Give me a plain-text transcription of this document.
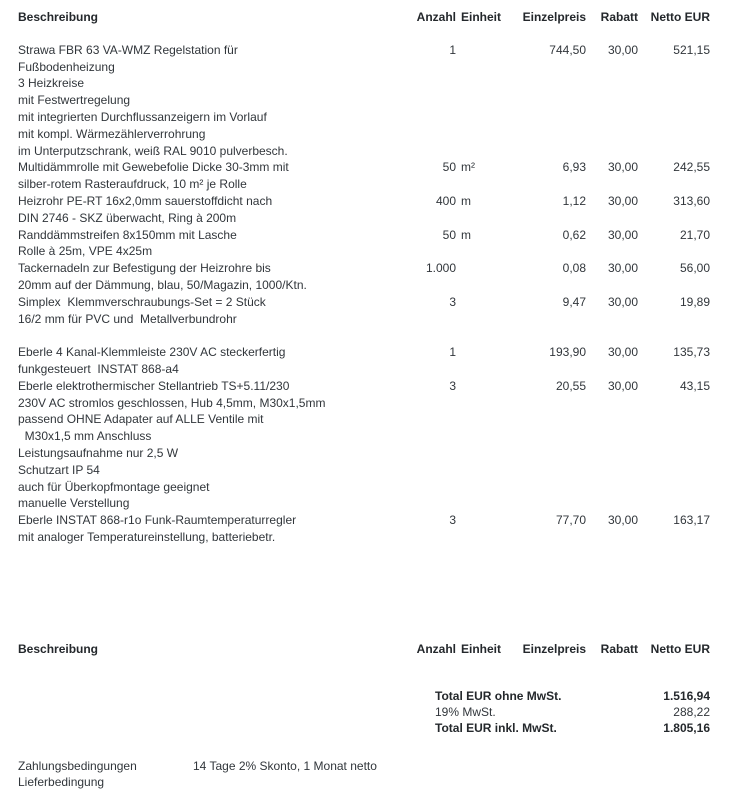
Beschreibung	Anzahl Einheit	Einzelpreis	Rabatt	Netto EUR
Strawa FBR 63 VA-WMZ Regelstation für	1	744,50	30,00	521,15
Fußbodenheizung
3 Heizkreise
mit Festwertregelung
mit integrierten Durchflussanzeigern im Vorlauf
mit kompl. Wärmezählerverrohrung
im Unterputzschrank, weiß RAL 9010 pulverbesch.
Multidämmrolle mit Gewebefolie Dicke 30-3mm mit	50 m²	6,93	30,00	242,55
silber-rotem Rasteraufdruck, 10 m² je Rolle
Heizrohr PE-RT 16x2,0mm sauerstoffdicht nach	400 m	1,12	30,00	313,60
DIN 2746 - SKZ überwacht, Ring à 200m
Randdämmstreifen 8x150mm mit Lasche	50 m	0,62	30,00	21,70
Rolle à 25m, VPE 4x25m
Tackernadeln zur Befestigung der Heizrohre bis	1.000	0,08	30,00	56,00
20mm auf der Dämmung, blau, 50/Magazin, 1000/Ktn.
Simplex  Klemmverschraubungs-Set = 2 Stück	3	9,47	30,00	19,89
16/2 mm für PVC und  Metallverbundrohr
Eberle 4 Kanal-Klemmleiste 230V AC steckerfertig	1	193,90	30,00	135,73
funkgesteuert  INSTAT 868-a4
Eberle elektrothermischer Stellantrieb TS+5.11/230	3	20,55	30,00	43,15
230V AC stromlos geschlossen, Hub 4,5mm, M30x1,5mm
passend OHNE Adapater auf ALLE Ventile mit
M30x1,5 mm Anschluss
Leistungsaufnahme nur 2,5 W
Schutzart IP 54
auch für Überkopfmontage geeignet
manuelle Verstellung
Eberle INSTAT 868-r1o Funk-Raumtemperaturregler	3	77,70	30,00	163,17
mit analoger Temperatureinstellung, batteriebetr.
Beschreibung	Anzahl Einheit	Einzelpreis	Rabatt	Netto EUR
Total EUR ohne MwSt.	1.516,94
19% MwSt.	288,22
Total EUR inkl. MwSt.	1.805,16
Zahlungsbedingungen	14 Tage 2% Skonto, 1 Monat netto
Lieferbedingung
